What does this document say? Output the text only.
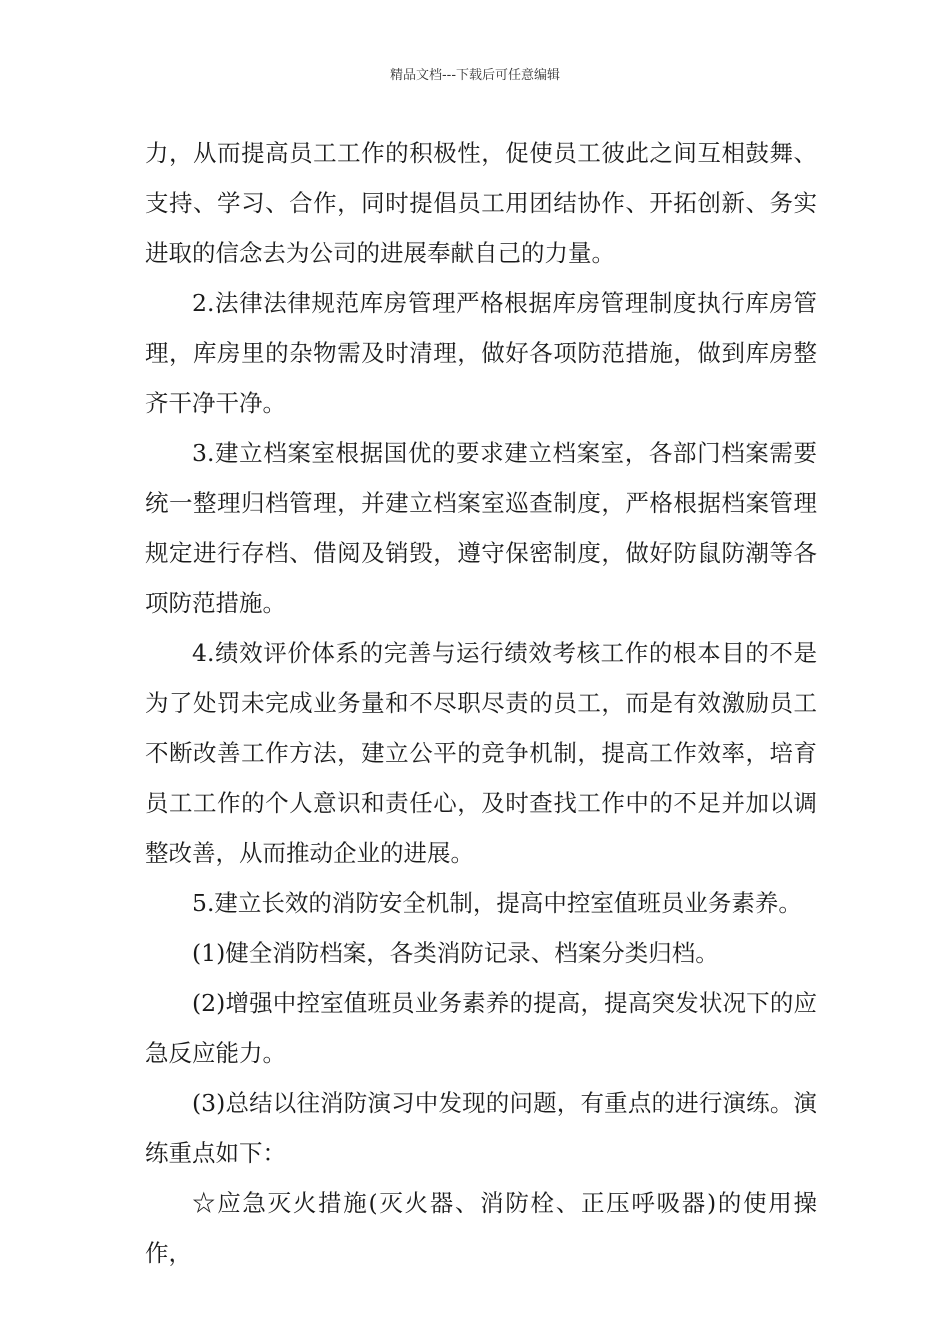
精品文档---下载后可任意编辑

力，从而提高员工工作的积极性，促使员工彼此之间互相鼓舞、支持、学习、合作，同时提倡员工用团结协作、开拓创新、务实进取的信念去为公司的进展奉献自己的力量。

2.法律法律规范库房管理严格根据库房管理制度执行库房管理，库房里的杂物需及时清理，做好各项防范措施，做到库房整齐干净干净。

3.建立档案室根据国优的要求建立档案室，各部门档案需要统一整理归档管理，并建立档案室巡查制度，严格根据档案管理规定进行存档、借阅及销毁，遵守保密制度，做好防鼠防潮等各项防范措施。

4.绩效评价体系的完善与运行绩效考核工作的根本目的不是为了处罚未完成业务量和不尽职尽责的员工，而是有效激励员工不断改善工作方法，建立公平的竞争机制，提高工作效率，培育员工工作的个人意识和责任心，及时查找工作中的不足并加以调整改善，从而推动企业的进展。

5.建立长效的消防安全机制，提高中控室值班员业务素养。

(1)健全消防档案，各类消防记录、档案分类归档。

(2)增强中控室值班员业务素养的提高，提高突发状况下的应急反应能力。

(3)总结以往消防演习中发现的问题，有重点的进行演练。演练重点如下：

☆应急灭火措施(灭火器、消防栓、正压呼吸器)的使用操作，
